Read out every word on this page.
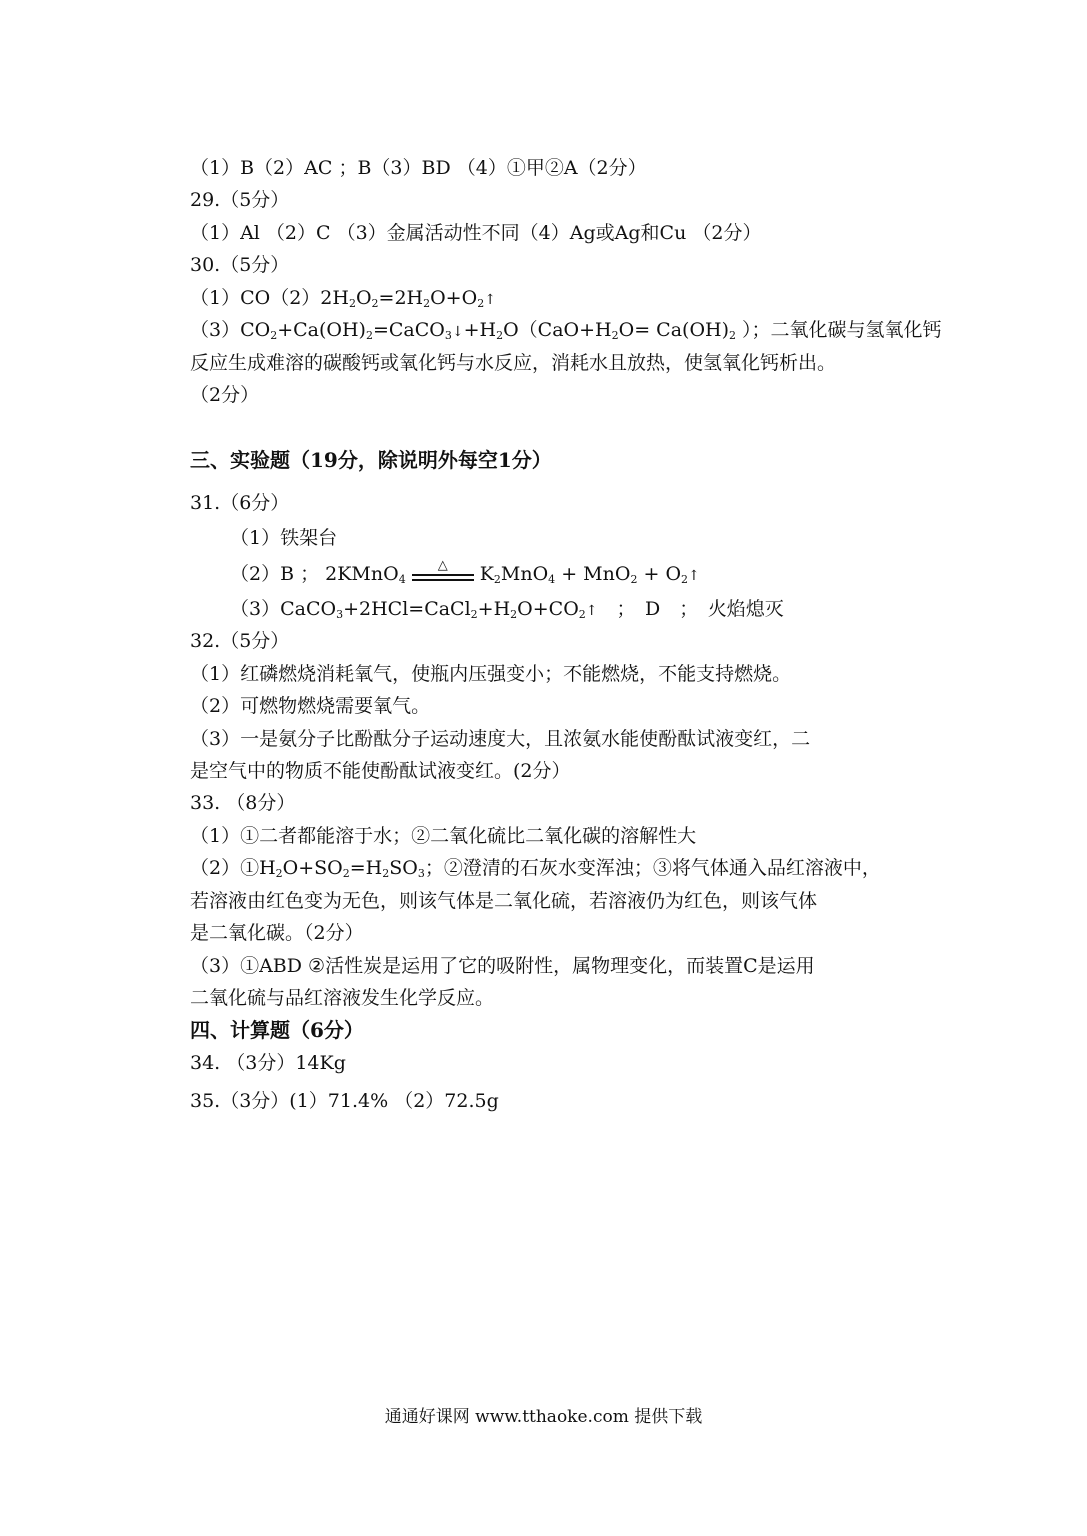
（1）B（2）AC ；B（3）BD （4）①甲②A（2分）
29.（5分）
（1）Al （2）C （3）金属活动性不同（4）Ag或Ag和Cu （2分）
30.（5分）
$(1)CO(2)2H_2O_2=2H_2O+O_2↑$
$(3)CO_2+Ca(OH)_2=CaCO_3↓+H_2O(CaO+H_2O= Ca(OH)_2$ ）；二氧化碳与氢氧化钙
反应生成难溶的碳酸钙或氧化钙与水反应，消耗水且放热，使氢氧化钙析出。
（2分）
三、实验题（19分，除说明外每空1分）
31.（6分）
（1）铁架台
（2）B ； 2KMnO$_4$
△	$K_2MnO_4 + MnO_2$ + $O_2↑$
$(3)CaCO_3+2HCl=CaCl_2+H_2O+CO_2↑$　；　D　；　火焰熄灭
32.（5分）
（1）红磷燃烧消耗氧气，使瓶内压强变小；不能燃烧，不能支持燃烧。
（2）可燃物燃烧需要氧气。
（3）一是氨分子比酚酞分子运动速度大，且浓氨水能使酚酞试液变红，二
是空气中的物质不能使酚酞试液变红。(2分）
33. （8分）
（1）①二者都能溶于水；②二氧化硫比二氧化碳的溶解性大
$(2)①H_2O+SO_2=H_2SO_3$；②澄清的石灰水变浑浊；③将气体通入品红溶液中，
若溶液由红色变为无色，则该气体是二氧化硫，若溶液仍为红色，则该气体
是二氧化碳。（2分）
（3）①ABD ②活性炭是运用了它的吸附性，属物理变化，而装置C是运用
二氧化硫与品红溶液发生化学反应。
四、计算题（6分）
34. （3分）14Kg
35.（3分）(1）71.4% （2）72.5g
通通好课网 www.tthaoke.com 提供下载
